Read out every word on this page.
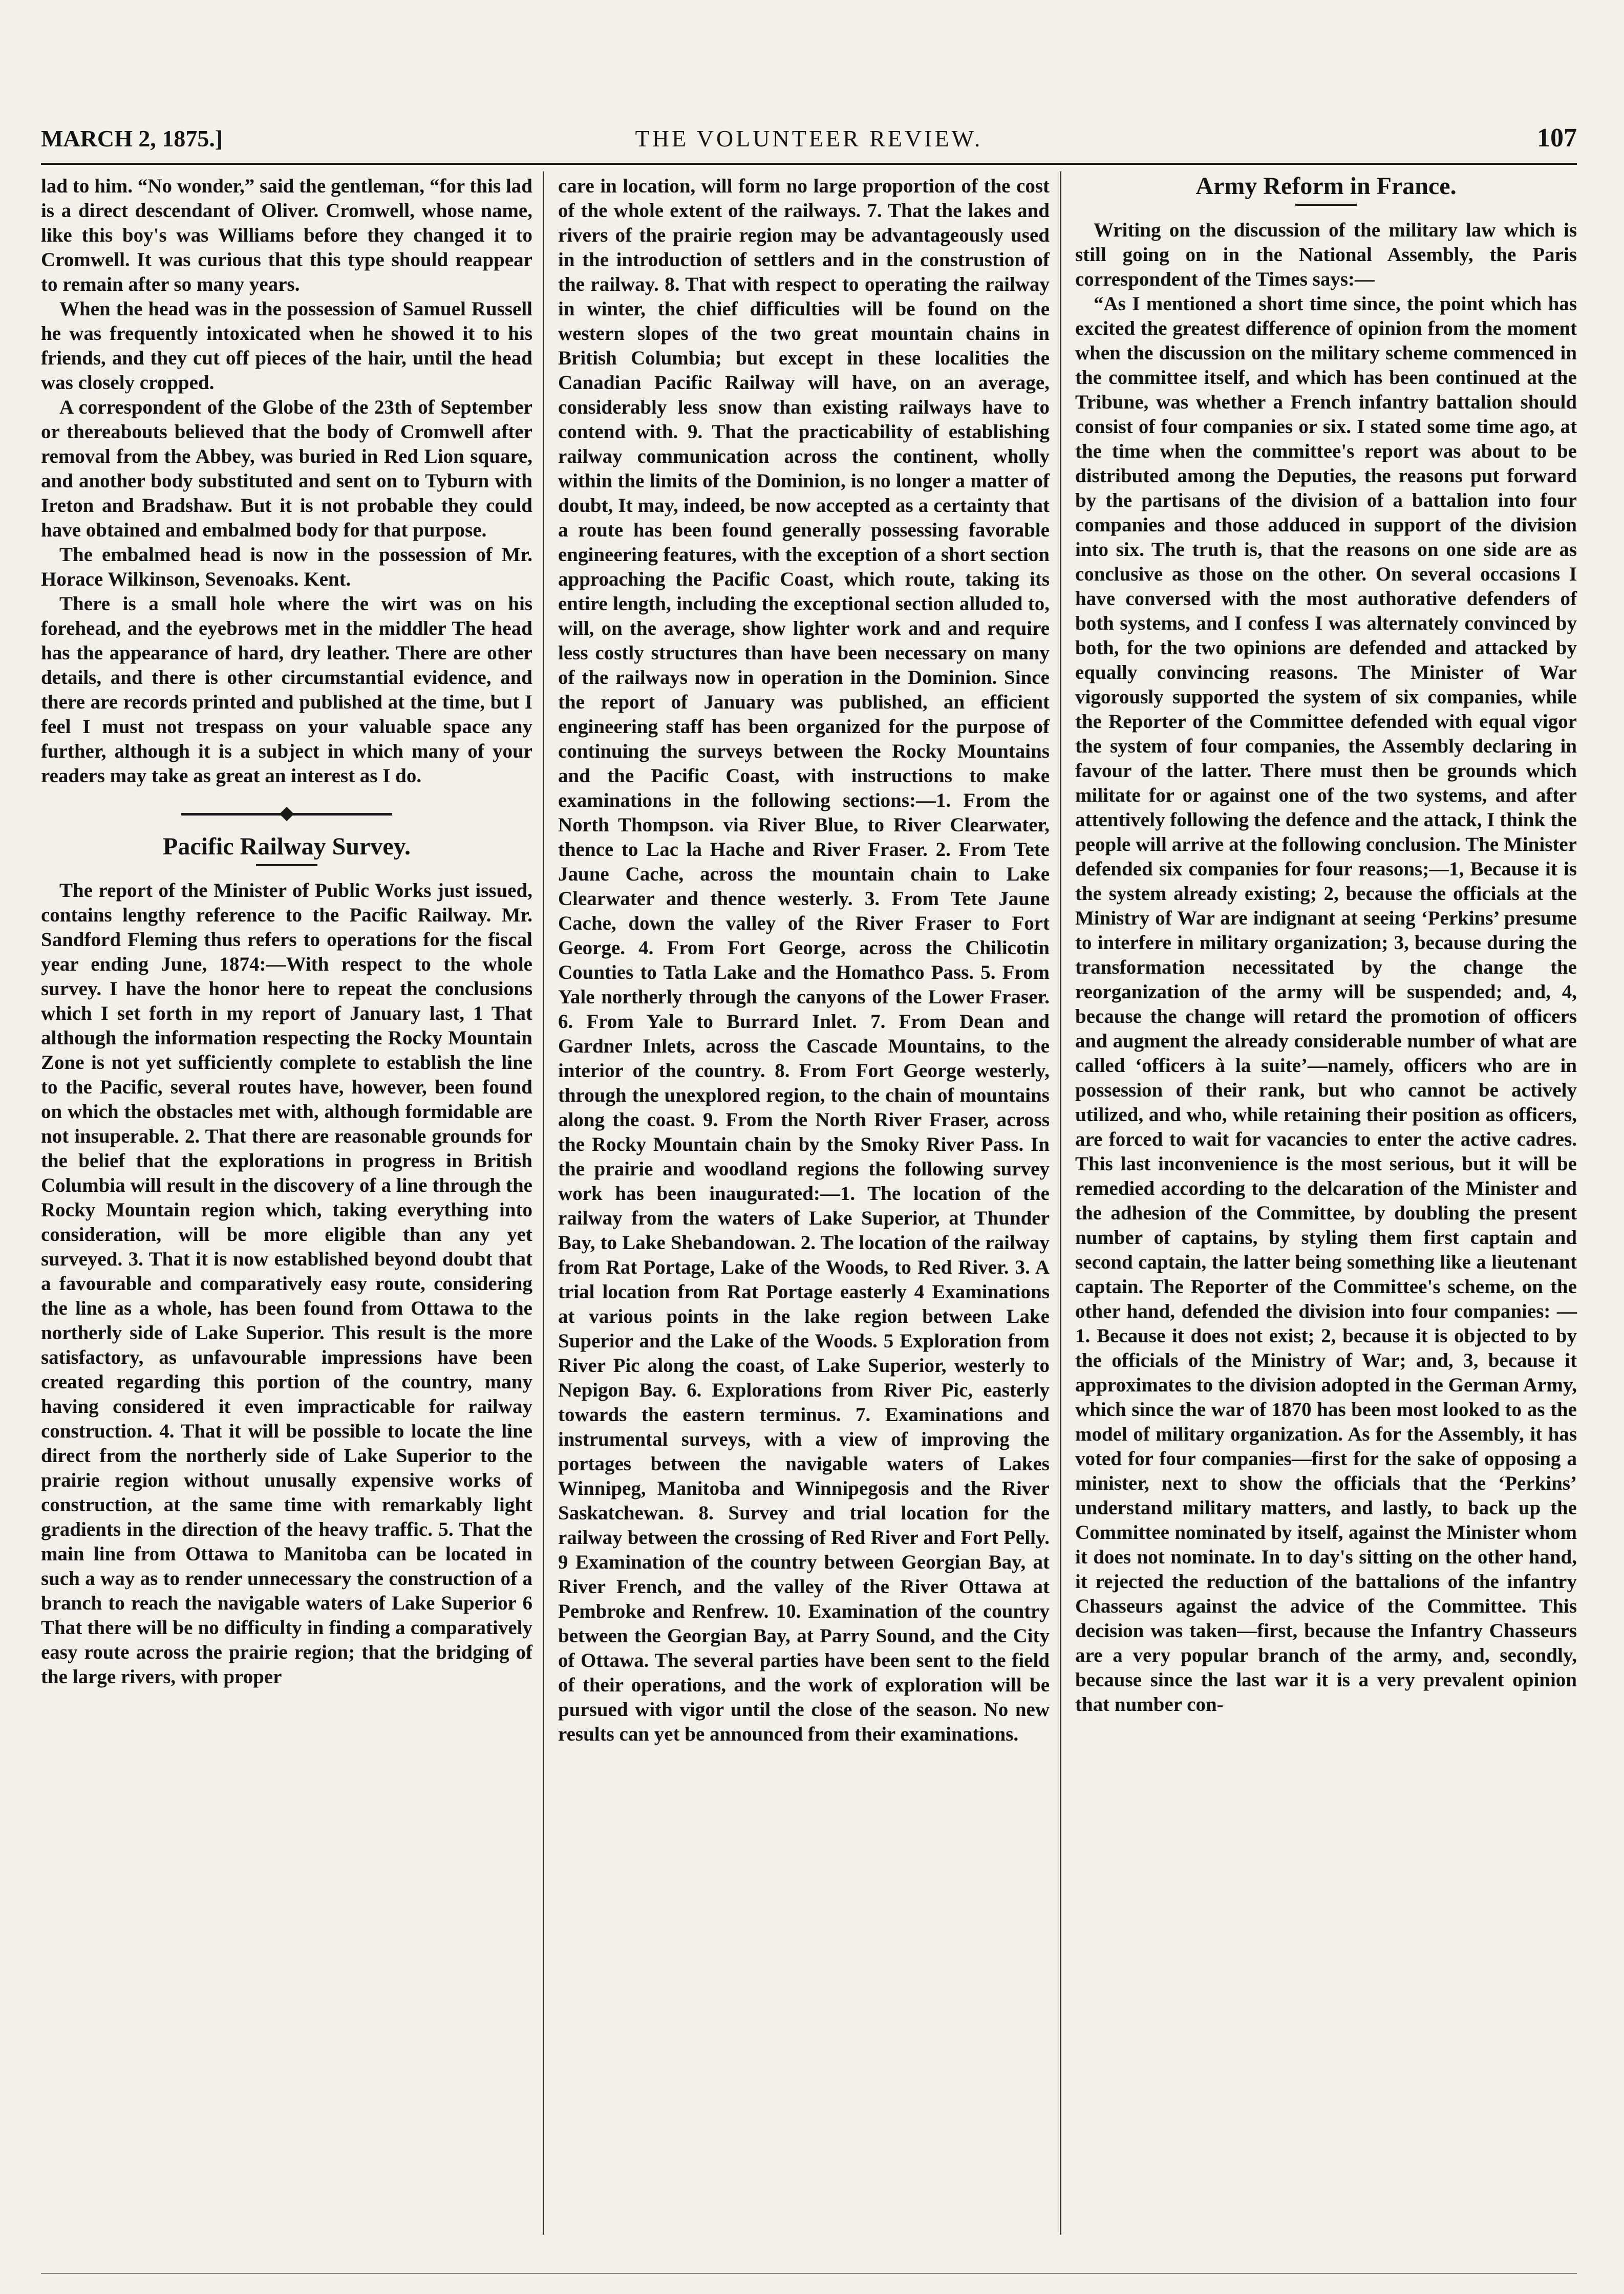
MARCH 2, 1875.]	THE VOLUNTEER REVIEW.	107

lad to him. “No wonder,” said the gentleman, “for this lad is a direct descendant of Oliver. Cromwell, whose name, like this boy's was Williams before they changed it to Cromwell. It was curious that this type should reappear to remain after so many years.

When the head was in the possession of Samuel Russell he was frequently intoxicated when he showed it to his friends, and they cut off pieces of the hair, until the head was closely cropped.

A correspondent of the Globe of the 23th of September or thereabouts believed that the body of Cromwell after removal from the Abbey, was buried in Red Lion square, and another body substituted and sent on to Tyburn with Ireton and Bradshaw. But it is not probable they could have obtained and embalmed body for that purpose.

The embalmed head is now in the possession of Mr. Horace Wilkinson, Sevenoaks. Kent.

There is a small hole where the wirt was on his forehead, and the eyebrows met in the middler The head has the appearance of hard, dry leather. There are other details, and there is other circumstantial evidence, and there are records printed and published at the time, but I feel I must not trespass on your valuable space any further, although it is a subject in which many of your readers may take as great an interest as I do.

Pacific Railway Survey.

The report of the Minister of Public Works just issued, contains lengthy reference to the Pacific Railway. Mr. Sandford Fleming thus refers to operations for the fiscal year ending June, 1874:—With respect to the whole survey. I have the honor here to repeat the conclusions which I set forth in my report of January last, 1 That although the information respecting the Rocky Mountain Zone is not yet sufficiently complete to establish the line to the Pacific, several routes have, however, been found on which the obstacles met with, although formidable are not insuperable. 2. That there are reasonable grounds for the belief that the explorations in progress in British Columbia will result in the discovery of a line through the Rocky Mountain region which, taking everything into consideration, will be more eligible than any yet surveyed. 3. That it is now established beyond doubt that a favourable and comparatively easy route, considering the line as a whole, has been found from Ottawa to the northerly side of Lake Superior. This result is the more satisfactory, as unfavourable impressions have been created regarding this portion of the country, many having considered it even impracticable for railway construction. 4. That it will be possible to locate the line direct from the northerly side of Lake Superior to the prairie region without unusally expensive works of construction, at the same time with remarkably light gradients in the direction of the heavy traffic. 5. That the main line from Ottawa to Manitoba can be located in such a way as to render unnecessary the construction of a branch to reach the navigable waters of Lake Superior 6 That there will be no difficulty in finding a comparatively easy route across the prairie region; that the bridging of the large rivers, with proper

care in location, will form no large proportion of the cost of the whole extent of the railways. 7. That the lakes and rivers of the prairie region may be advantageously used in the introduction of settlers and in the construstion of the railway. 8. That with respect to operating the railway in winter, the chief difficulties will be found on the western slopes of the two great mountain chains in British Columbia; but except in these localities the Canadian Pacific Railway will have, on an average, considerably less snow than existing railways have to contend with. 9. That the practicability of establishing railway communication across the continent, wholly within the limits of the Dominion, is no longer a matter of doubt, It may, indeed, be now accepted as a certainty that a route has been found generally possessing favorable engineering features, with the exception of a short section approaching the Pacific Coast, which route, taking its entire length, including the exceptional section alluded to, will, on the average, show lighter work and and require less costly structures than have been necessary on many of the railways now in operation in the Dominion. Since the report of January was published, an efficient engineering staff has been organized for the purpose of continuing the surveys between the Rocky Mountains and the Pacific Coast, with instructions to make examinations in the following sections:—1. From the North Thompson. via River Blue, to River Clearwater, thence to Lac la Hache and River Fraser. 2. From Tete Jaune Cache, across the mountain chain to Lake Clearwater and thence westerly. 3. From Tete Jaune Cache, down the valley of the River Fraser to Fort George. 4. From Fort George, across the Chilicotin Counties to Tatla Lake and the Homathco Pass. 5. From Yale northerly through the canyons of the Lower Fraser. 6. From Yale to Burrard Inlet. 7. From Dean and Gardner Inlets, across the Cascade Mountains, to the interior of the country. 8. From Fort George westerly, through the unexplored region, to the chain of mountains along the coast. 9. From the North River Fraser, across the Rocky Mountain chain by the Smoky River Pass. In the prairie and woodland regions the following survey work has been inaugurated:—1. The location of the railway from the waters of Lake Superior, at Thunder Bay, to Lake Shebandowan. 2. The location of the railway from Rat Portage, Lake of the Woods, to Red River. 3. A trial location from Rat Portage easterly 4 Examinations at various points in the lake region between Lake Superior and the Lake of the Woods. 5 Exploration from River Pic along the coast, of Lake Superior, westerly to Nepigon Bay. 6. Explorations from River Pic, easterly towards the eastern terminus. 7. Examinations and instrumental surveys, with a view of improving the portages between the navigable waters of Lakes Winnipeg, Manitoba and Winnipegosis and the River Saskatchewan. 8. Survey and trial location for the railway between the crossing of Red River and Fort Pelly. 9 Examination of the country between Georgian Bay, at River French, and the valley of the River Ottawa at Pembroke and Renfrew. 10. Examination of the country between the Georgian Bay, at Parry Sound, and the City of Ottawa. The several parties have been sent to the field of their operations, and the work of exploration will be pursued with vigor until the close of the season. No new results can yet be announced from their examinations.

Army Reform in France.

Writing on the discussion of the military law which is still going on in the National Assembly, the Paris correspondent of the Times says:—

“As I mentioned a short time since, the point which has excited the greatest difference of opinion from the moment when the discussion on the military scheme commenced in the committee itself, and which has been continued at the Tribune, was whether a French infantry battalion should consist of four companies or six. I stated some time ago, at the time when the committee's report was about to be distributed among the Deputies, the reasons put forward by the partisans of the division of a battalion into four companies and those adduced in support of the division into six. The truth is, that the reasons on one side are as conclusive as those on the other. On several occasions I have conversed with the most authorative defenders of both systems, and I confess I was alternately convinced by both, for the two opinions are defended and attacked by equally convincing reasons. The Minister of War vigorously supported the system of six companies, while the Reporter of the Committee defended with equal vigor the system of four companies, the Assembly declaring in favour of the latter. There must then be grounds which militate for or against one of the two systems, and after attentively following the defence and the attack, I think the people will arrive at the following conclusion. The Minister defended six companies for four reasons;—1, Because it is the system already existing; 2, because the officials at the Ministry of War are indignant at seeing ‘Perkins’ presume to interfere in military organization; 3, because during the transformation necessitated by the change the reorganization of the army will be suspended; and, 4, because the change will retard the promotion of officers and augment the already considerable number of what are called ‘officers à la suite’—namely, officers who are in possession of their rank, but who cannot be actively utilized, and who, while retaining their position as officers, are forced to wait for vacancies to enter the active cadres. This last inconvenience is the most serious, but it will be remedied according to the delcaration of the Minister and the adhesion of the Committee, by doubling the present number of captains, by styling them first captain and second captain, the latter being something like a lieutenant captain. The Reporter of the Committee's scheme, on the other hand, defended the division into four companies: —1. Because it does not exist; 2, because it is objected to by the officials of the Ministry of War; and, 3, because it approximates to the division adopted in the German Army, which since the war of 1870 has been most looked to as the model of military organization. As for the Assembly, it has voted for four companies—first for the sake of opposing a minister, next to show the officials that the ‘Perkins’ understand military matters, and lastly, to back up the Committee nominated by itself, against the Minister whom it does not nominate. In to day's sitting on the other hand, it rejected the reduction of the battalions of the infantry Chasseurs against the advice of the Committee. This decision was taken—first, because the Infantry Chasseurs are a very popular branch of the army, and, secondly, because since the last war it is a very prevalent opinion that number con-
